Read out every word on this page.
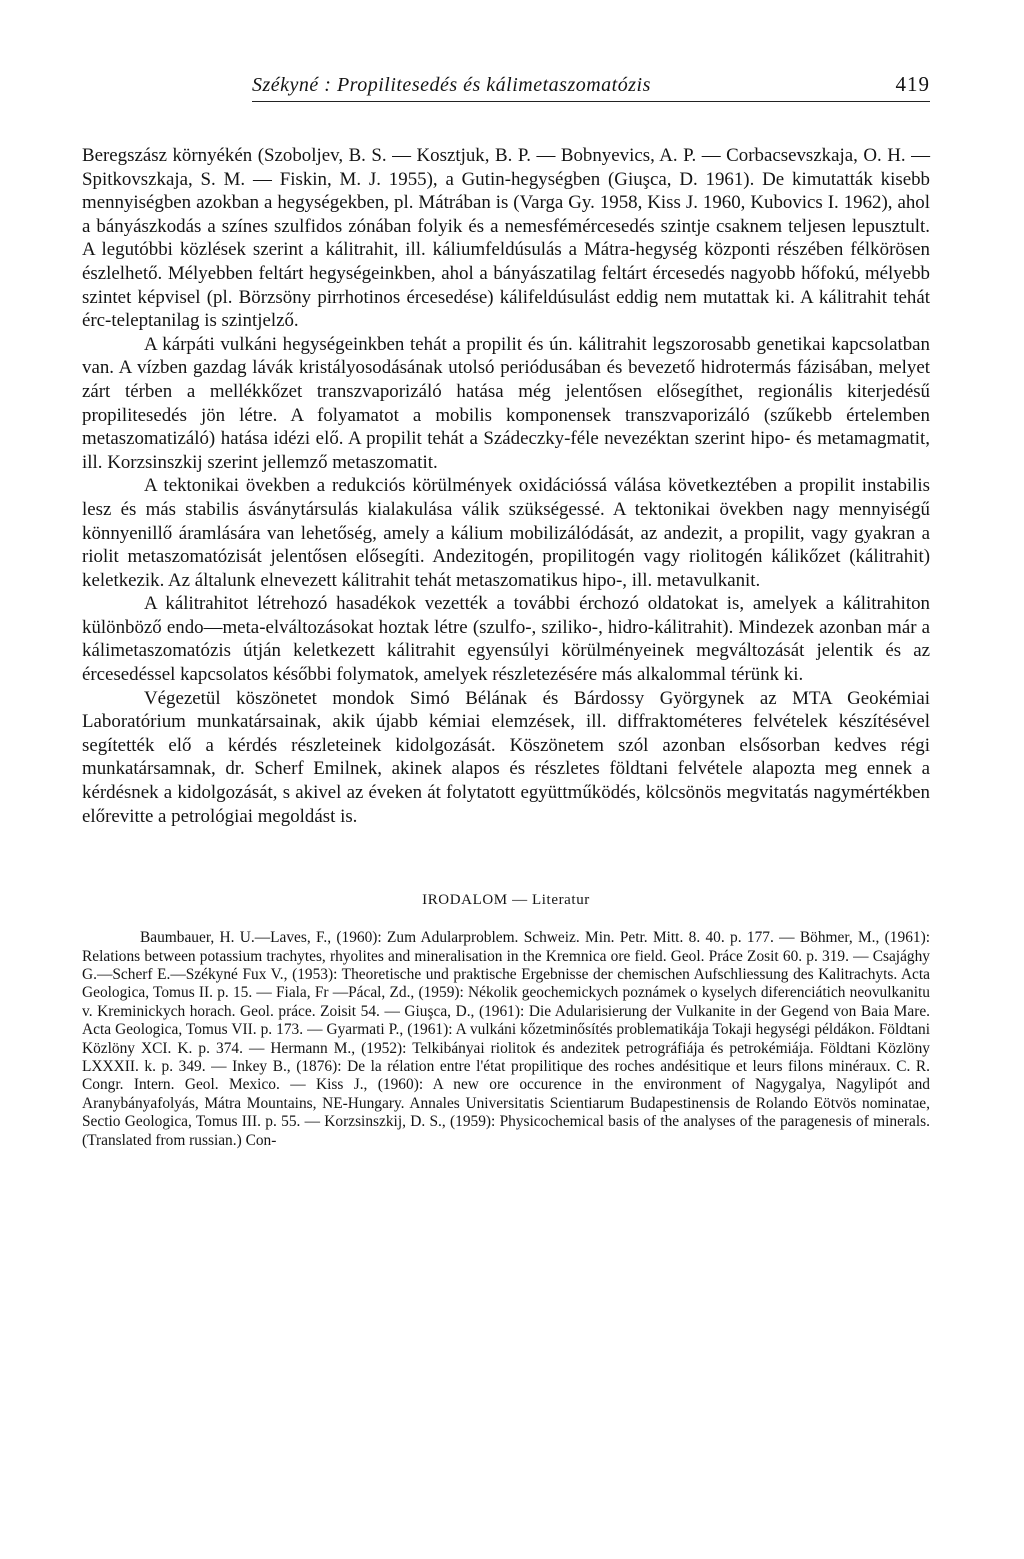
Székyné : Propilitesedés és kálimetaszomatózis	419

Beregszász környékén (Szoboljev, B. S. — Kosztjuk, B. P. — Bobnyevics, A. P. — Corbacsevszkaja, O. H. — Spitkovszkaja, S. M. — Fiskin, M. J. 1955), a Gutin-hegységben (Giuşca, D. 1961). De kimutatták kisebb mennyiségben azokban a hegységekben, pl. Mátrában is (Varga Gy. 1958, Kiss J. 1960, Kubovics I. 1962), ahol a bányászkodás a színes szulfidos zónában folyik és a nemesfémércesedés szintje csaknem teljesen lepusztult. A legutóbbi közlések szerint a kálitrahit, ill. káliumfeldúsulás a Mátra-hegység központi részében félkörösen észlelhető. Mélyebben feltárt hegységeinkben, ahol a bányászatilag feltárt ércesedés nagyobb hőfokú, mélyebb szintet képvisel (pl. Börzsöny pirrhotinos ércesedése) kálifeldúsulást eddig nem mutattak ki. A kálitrahit tehát érc-teleptanilag is szintjelző.

A kárpáti vulkáni hegységeinkben tehát a propilit és ún. kálitrahit legszorosabb genetikai kapcsolatban van. A vízben gazdag lávák kristályosodásának utolsó periódusában és bevezető hidrotermás fázisában, melyet zárt térben a mellékkőzet transzvaporizáló hatása még jelentősen elősegíthet, regionális kiterjedésű propilitesedés jön létre. A folyamatot a mobilis komponensek transzvaporizáló (szűkebb értelemben metaszomatizáló) hatása idézi elő. A propilit tehát a Szádeczky-féle nevezéktan szerint hipo- és metamagmatit, ill. Korzsinszkij szerint jellemző metaszomatit.

A tektonikai övekben a redukciós körülmények oxidációssá válása következtében a propilit instabilis lesz és más stabilis ásványtársulás kialakulása válik szükségessé. A tektonikai övekben nagy mennyiségű könnyenillő áramlására van lehetőség, amely a kálium mobilizálódását, az andezit, a propilit, vagy gyakran a riolit metaszomatózisát jelentősen elősegíti. Andezitogén, propilitogén vagy riolitogén kálikőzet (kálitrahit) keletkezik. Az általunk elnevezett kálitrahit tehát metaszomatikus hipo-, ill. metavulkanit.

A kálitrahitot létrehozó hasadékok vezették a további érchozó oldatokat is, amelyek a kálitrahiton különböző endo—meta-elváltozásokat hoztak létre (szulfo-, sziliko-, hidro-kálitrahit). Mindezek azonban már a kálimetaszomatózis útján keletkezett kálitrahit egyensúlyi körülményeinek megváltozását jelentik és az ércesedéssel kapcsolatos későbbi folymatok, amelyek részletezésére más alkalommal térünk ki.

Végezetül köszönetet mondok Simó Bélának és Bárdossy Györgynek az MTA Geokémiai Laboratórium munkatársainak, akik újabb kémiai elemzések, ill. diffraktométeres felvételek készítésével segítették elő a kérdés részleteinek kidolgozását. Köszönetem szól azonban elsősorban kedves régi munkatársamnak, dr. Scherf Emilnek, akinek alapos és részletes földtani felvétele alapozta meg ennek a kérdésnek a kidolgozását, s akivel az éveken át folytatott együttműködés, kölcsönös megvitatás nagymértékben előrevitte a petrológiai megoldást is.

IRODALOM — Literatur

Baumbauer, H. U.—Laves, F., (1960): Zum Adularproblem. Schweiz. Min. Petr. Mitt. 8. 40. p. 177. — Böhmer, M., (1961): Relations between potassium trachytes, rhyolites and mineralisation in the Kremnica ore field. Geol. Práce Zosit 60. p. 319. — Csajághy G.—Scherf E.—Székyné Fux V., (1953): Theoretische und praktische Ergebnisse der chemischen Aufschliessung des Kalitrachyts. Acta Geologica, Tomus II. p. 15. — Fiala, Fr —Pácal, Zd., (1959): Nékolik geochemickych poznámek o kyselych diferenciátich neovulkanitu v. Kreminickych horach. Geol. práce. Zoisit 54. — Giuşca, D., (1961): Die Adularisierung der Vulkanite in der Gegend von Baia Mare. Acta Geologica, Tomus VII. p. 173. — Gyarmati P., (1961): A vulkáni kőzetminősítés problematikája Tokaji hegységi példákon. Földtani Közlöny XCI. K. p. 374. — Hermann M., (1952): Telkibányai riolitok és andezitek petrográfiája és petrokémiája. Földtani Közlöny LXXXII. k. p. 349. — Inkey B., (1876): De la rélation entre l'état propilitique des roches andésitique et leurs filons minéraux. C. R. Congr. Intern. Geol. Mexico. — Kiss J., (1960): A new ore occurence in the environment of Nagygalya, Nagylipót and Aranybányafolyás, Mátra Mountains, NE-Hungary. Annales Universitatis Scientiarum Budapestinensis de Rolando Eötvös nominatae, Sectio Geologica, Tomus III. p. 55. — Korzsinszkij, D. S., (1959): Physicochemical basis of the analyses of the paragenesis of minerals. (Translated from russian.) Con-
